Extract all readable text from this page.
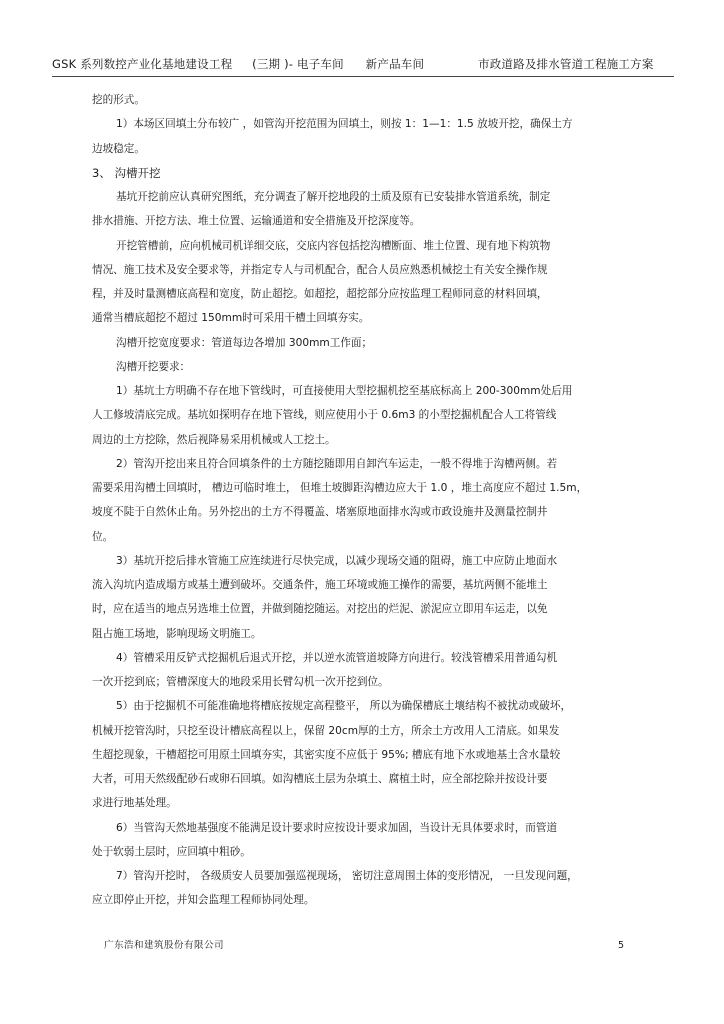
GSK 系列数控产业化基地建设工程 (三期 )- 电子车间 新产品车间	市政道路及排水管道工程施工方案

挖的形式。

1）本场区回填土分布较广 ，如管沟开挖范围为回填土，则按 1：1—1：1.5 放坡开挖，确保土方

边坡稳定。

3、 沟槽开挖

基坑开挖前应认真研究图纸，充分调查了解开挖地段的土质及原有已安装排水管道系统，制定

排水措施、开挖方法、堆土位置、运输通道和安全措施及开挖深度等。

开挖管槽前，应向机械司机详细交底，交底内容包括挖沟槽断面、堆土位置、现有地下构筑物

情况、施工技术及安全要求等，并指定专人与司机配合，配合人员应熟悉机械挖土有关安全操作规

程，并及时量测槽底高程和宽度，防止超挖。如超挖，超挖部分应按监理工程师同意的材料回填，

通常当槽底超挖不超过 150mm时可采用干槽土回填夯实。

沟槽开挖宽度要求：管道每边各增加 300mm工作面；

沟槽开挖要求：

1）基坑土方明确不存在地下管线时，可直接使用大型挖掘机挖至基底标高上 200-300mm处后用

人工修坡清底完成。基坑如探明存在地下管线，则应使用小于 0.6m3 的小型挖掘机配合人工将管线

周边的土方挖除，然后视降易采用机械或人工挖土。

2）管沟开挖出来且符合回填条件的土方随挖随即用自卸汽车运走，一般不得堆于沟槽两侧。若

需要采用沟槽土回填时， 槽边可临时堆土， 但堆土坡脚距沟槽边应大于 1.0 ，堆土高度应不超过 1.5m，

坡度不陡于自然休止角。另外挖出的土方不得覆盖、堵塞原地面排水沟或市政设施井及测量控制井

位。

3）基坑开挖后排水管施工应连续进行尽快完成，以减少现场交通的阻碍，施工中应防止地面水

流入沟坑内造成塌方或基土遭到破坏。交通条件，施工环境或施工操作的需要，基坑两侧不能堆土

时，应在适当的地点另选堆土位置，并做到随挖随运。对挖出的烂泥、淤泥应立即用车运走，以免

阻占施工场地，影响现场文明施工。

4）管槽采用反铲式挖掘机后退式开挖，并以逆水流管道坡降方向进行。较浅管槽采用普通勾机

一次开挖到底；管槽深度大的地段采用长臂勾机一次开挖到位。

5）由于挖掘机不可能准确地将槽底按规定高程整平， 所以为确保槽底土壤结构不被扰动或破坏，

机械开挖管沟时，只挖至设计槽底高程以上，保留 20cm厚的土方，所余土方改用人工清底。如果发

生超挖现象，干槽超挖可用原土回填夯实，其密实度不应低于 95%; 槽底有地下水或地基土含水量较

大者，可用天然级配砂石或卵石回填。如沟槽底土层为杂填土、腐植土时，应全部挖除并按设计要

求进行地基处理。

6）当管沟天然地基强度不能满足设计要求时应按设计要求加固，当设计无具体要求时，而管道

处于软弱土层时，应回填中粗砂。

7）管沟开挖时， 各级质安人员要加强巡视现场， 密切注意周围土体的变形情况， 一旦发现问题，

应立即停止开挖，并知会监理工程师协同处理。

广东浩和建筑股份有限公司	5
